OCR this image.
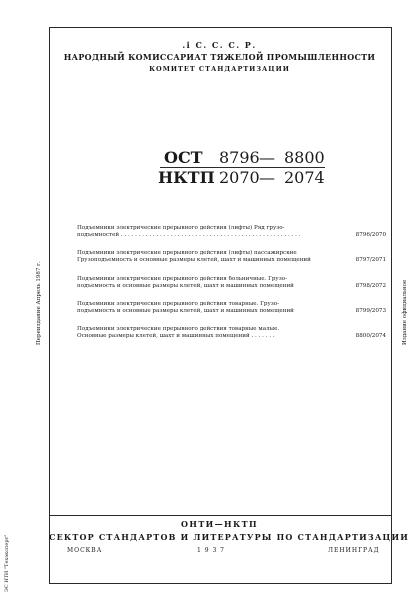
.i С. С. С. Р.
НАРОДНЫЙ КОМИССАРИАТ ТЯЖЕЛОЙ ПРОМЫШЛЕННОСТИ
КОМИТЕТ СТАНДАРТИЗАЦИИ
ОСТ 8796 — 8800
НКТП 2070 — 2074
Подъемники электрические прерывного действия (лифты) Ряд грузо-
подъемностей . . . . . . . . . . . . . . . . . . . . . . . . . . . . . . . . . . . . . . . . . . . . . . . . . . .	8796/2070
Подъемники электрические прерывного действия (лифты) пассажирские
Грузоподъемность и основные размеры клетей, шахт и машинных помещений	8797/2071
Подъемники электрические прерывного действия больничные. Грузо-
подъемность и основные размеры клетей, шахт и машинных помещений	8798/2072
Подъемники электрические прерывного действия товарные. Грузо-
подъемность и основные размеры клетей, шахт и машинных помещений	8799/2073
Подъемники электрические прерывного действия товарные малые.
Основные размеры клетей, шахт и машинных помещений . . . . . . .	8800/2074
ОНТИ—НКТП
СЕКТОР СТАНДАРТОВ И ЛИТЕРАТУРЫ ПО СТАНДАРТИЗАЦИИ
МОСКВА	1 9 3 7	ЛЕНИНГРАД
Переиздание Апрель 1987 г.	Издание официальное
ЭС НТИ "Техэксперт"
